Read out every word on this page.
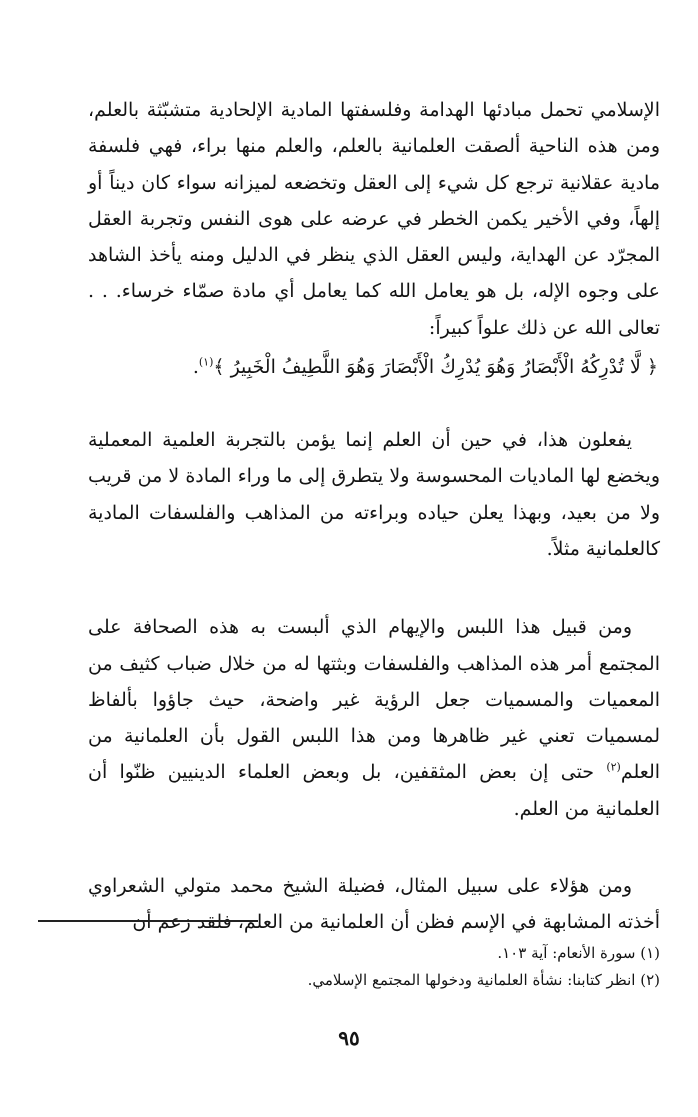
الإسلامي تحمل مبادئها الهدامة وفلسفتها المادية الإلحادية متشبّثة بالعلم، ومن هذه الناحية ألصقت العلمانية بالعلم، والعلم منها براء، فهي فلسفة مادية عقلانية ترجع كل شيء إلى العقل وتخضعه لميزانه سواء كان ديناً أو إلهاً، وفي الأخير يكمن الخطر في عرضه على هوى النفس وتجربة العقل المجرّد عن الهداية، وليس العقل الذي ينظر في الدليل ومنه يأخذ الشاهد على وجوه الإله، بل هو يعامل الله كما يعامل أي مادة صمّاء خرساء. . . تعالى الله عن ذلك علواً كبيراً:

﴿ لَّا تُدْرِكُهُ الْأَبْصَارُ وَهُوَ يُدْرِكُ الْأَبْصَارَ وَهُوَ اللَّطِيفُ الْخَبِيرُ ﴾$^{(١)}$.

يفعلون هذا، في حين أن العلم إنما يؤمن بالتجربة العلمية المعملية ويخضع لها الماديات المحسوسة ولا يتطرق إلى ما وراء المادة لا من قريب ولا من بعيد، وبهذا يعلن حياده وبراءته من المذاهب والفلسفات المادية كالعلمانية مثلاً.

ومن قبيل هذا اللبس والإيهام الذي ألبست به هذه الصحافة على المجتمع أمر هذه المذاهب والفلسفات وبثتها له من خلال ضباب كثيف من المعميات والمسميات جعل الرؤية غير واضحة، حيث جاؤوا بألفاظ لمسميات تعني غير ظاهرها ومن هذا اللبس القول بأن العلمانية من العلم$^{(٢)}$ حتى إن بعض المثقفين، بل وبعض العلماء الدينيين ظنّوا أن العلمانية من العلم.

ومن هؤلاء على سبيل المثال، فضيلة الشيخ محمد متولي الشعراوي أخذته المشابهة في الإسم فظن أن العلمانية من العلم، فلقد زعم أن

(١) سورة الأنعام: آية ١٠٣.
(٢) انظر كتابنا: نشأة العلمانية ودخولها المجتمع الإسلامي.
٩٥
